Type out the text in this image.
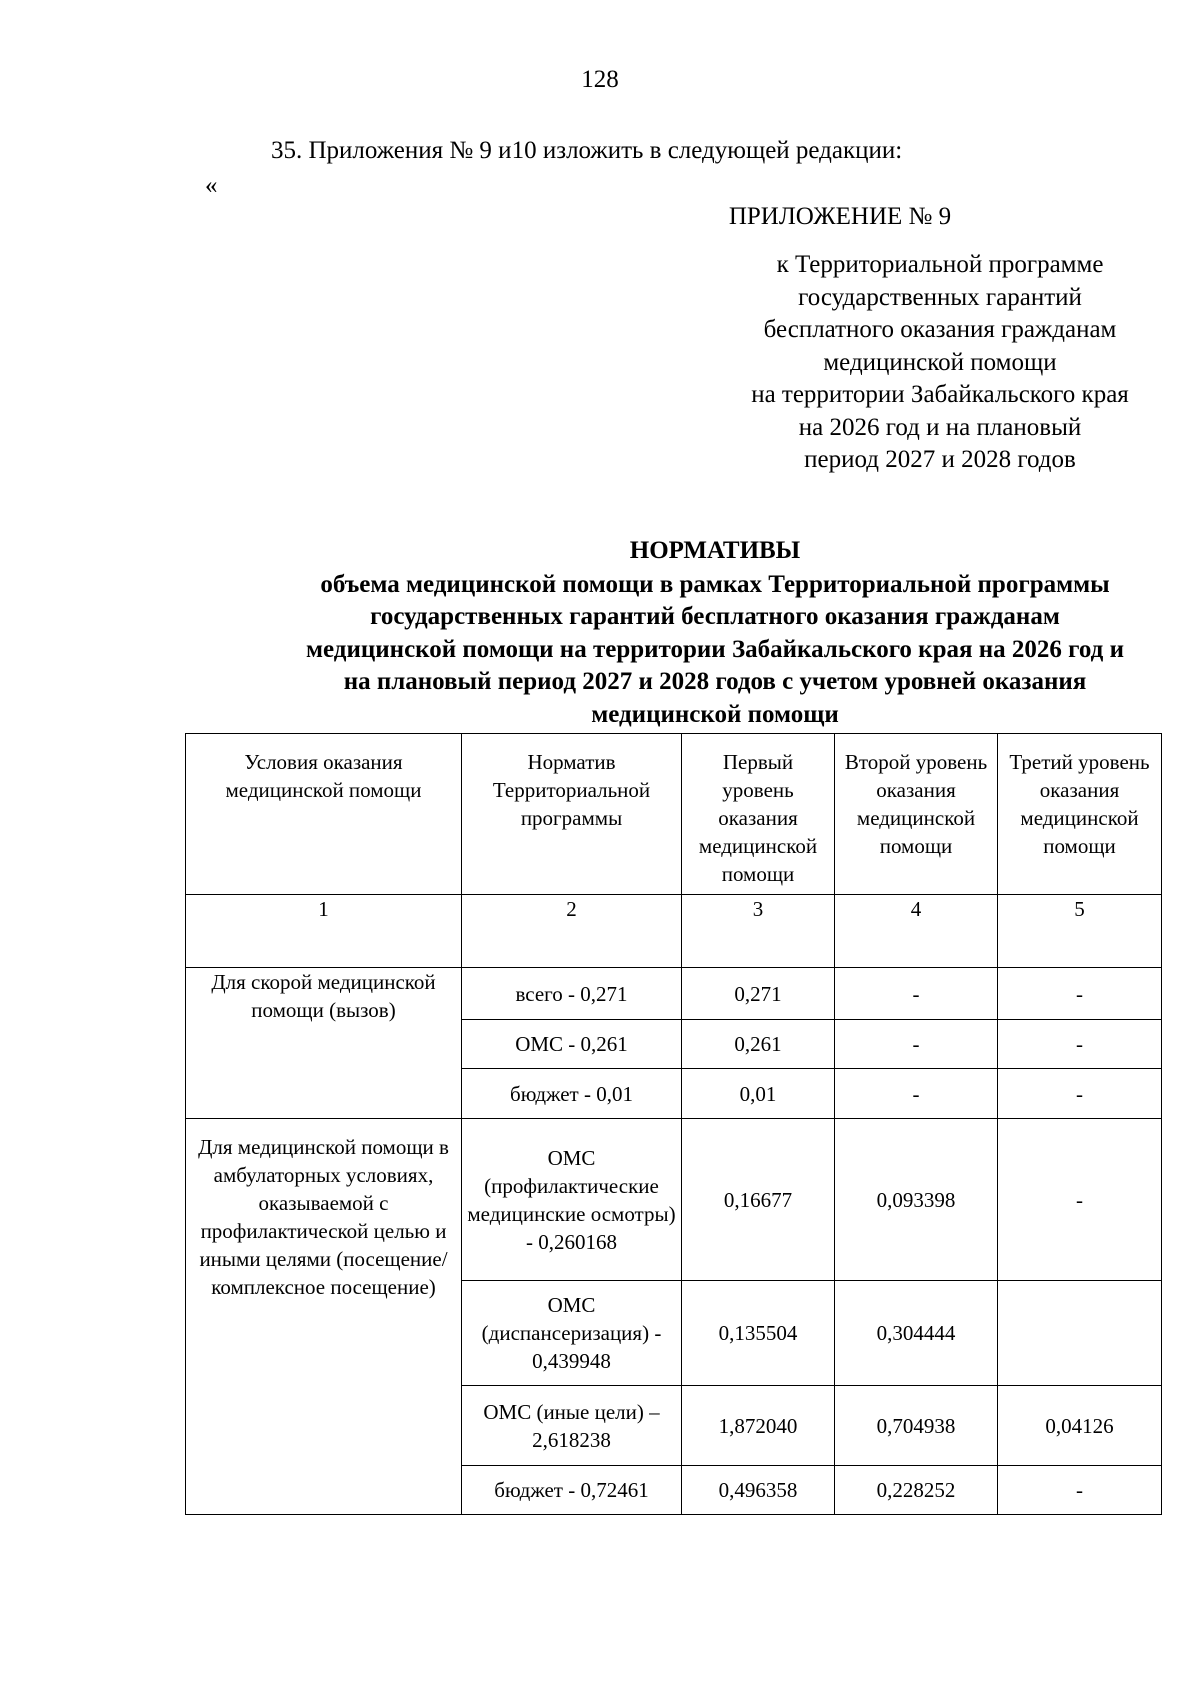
128
35. Приложения № 9 и10 изложить в следующей редакции:
«
ПРИЛОЖЕНИЕ № 9
к Территориальной программе
государственных гарантий
бесплатного оказания гражданам
медицинской помощи
на территории Забайкальского края
на 2026 год и на плановый
период 2027 и 2028 годов
НОРМАТИВЫ
объема медицинской помощи в рамках Территориальной программы
государственных гарантий бесплатного оказания гражданам
медицинской помощи на территории Забайкальского края на 2026 год и
на плановый период 2027 и 2028 годов с учетом уровней оказания
медицинской помощи
Условия оказания медицинской помощи	Норматив Территориальной программы	Первый уровень оказания медицинской помощи	Второй уровень оказания медицинской помощи	Третий уровень оказания медицинской помощи
1	2	3	4	5
Для скорой медицинской помощи (вызов)	всего - 0,271	0,271	-	-
	ОМС - 0,261	0,261	-	-
	бюджет - 0,01	0,01	-	-
Для медицинской помощи в амбулаторных условиях, оказываемой с профилактической целью и иными целями (посещение/комплексное посещение)	ОМС (профилактические медицинские осмотры) - 0,260168	0,16677	0,093398	-
	ОМС (диспансеризация) - 0,439948	0,135504	0,304444	
	ОМС (иные цели) – 2,618238	1,872040	0,704938	0,04126
	бюджет - 0,72461	0,496358	0,228252	-
